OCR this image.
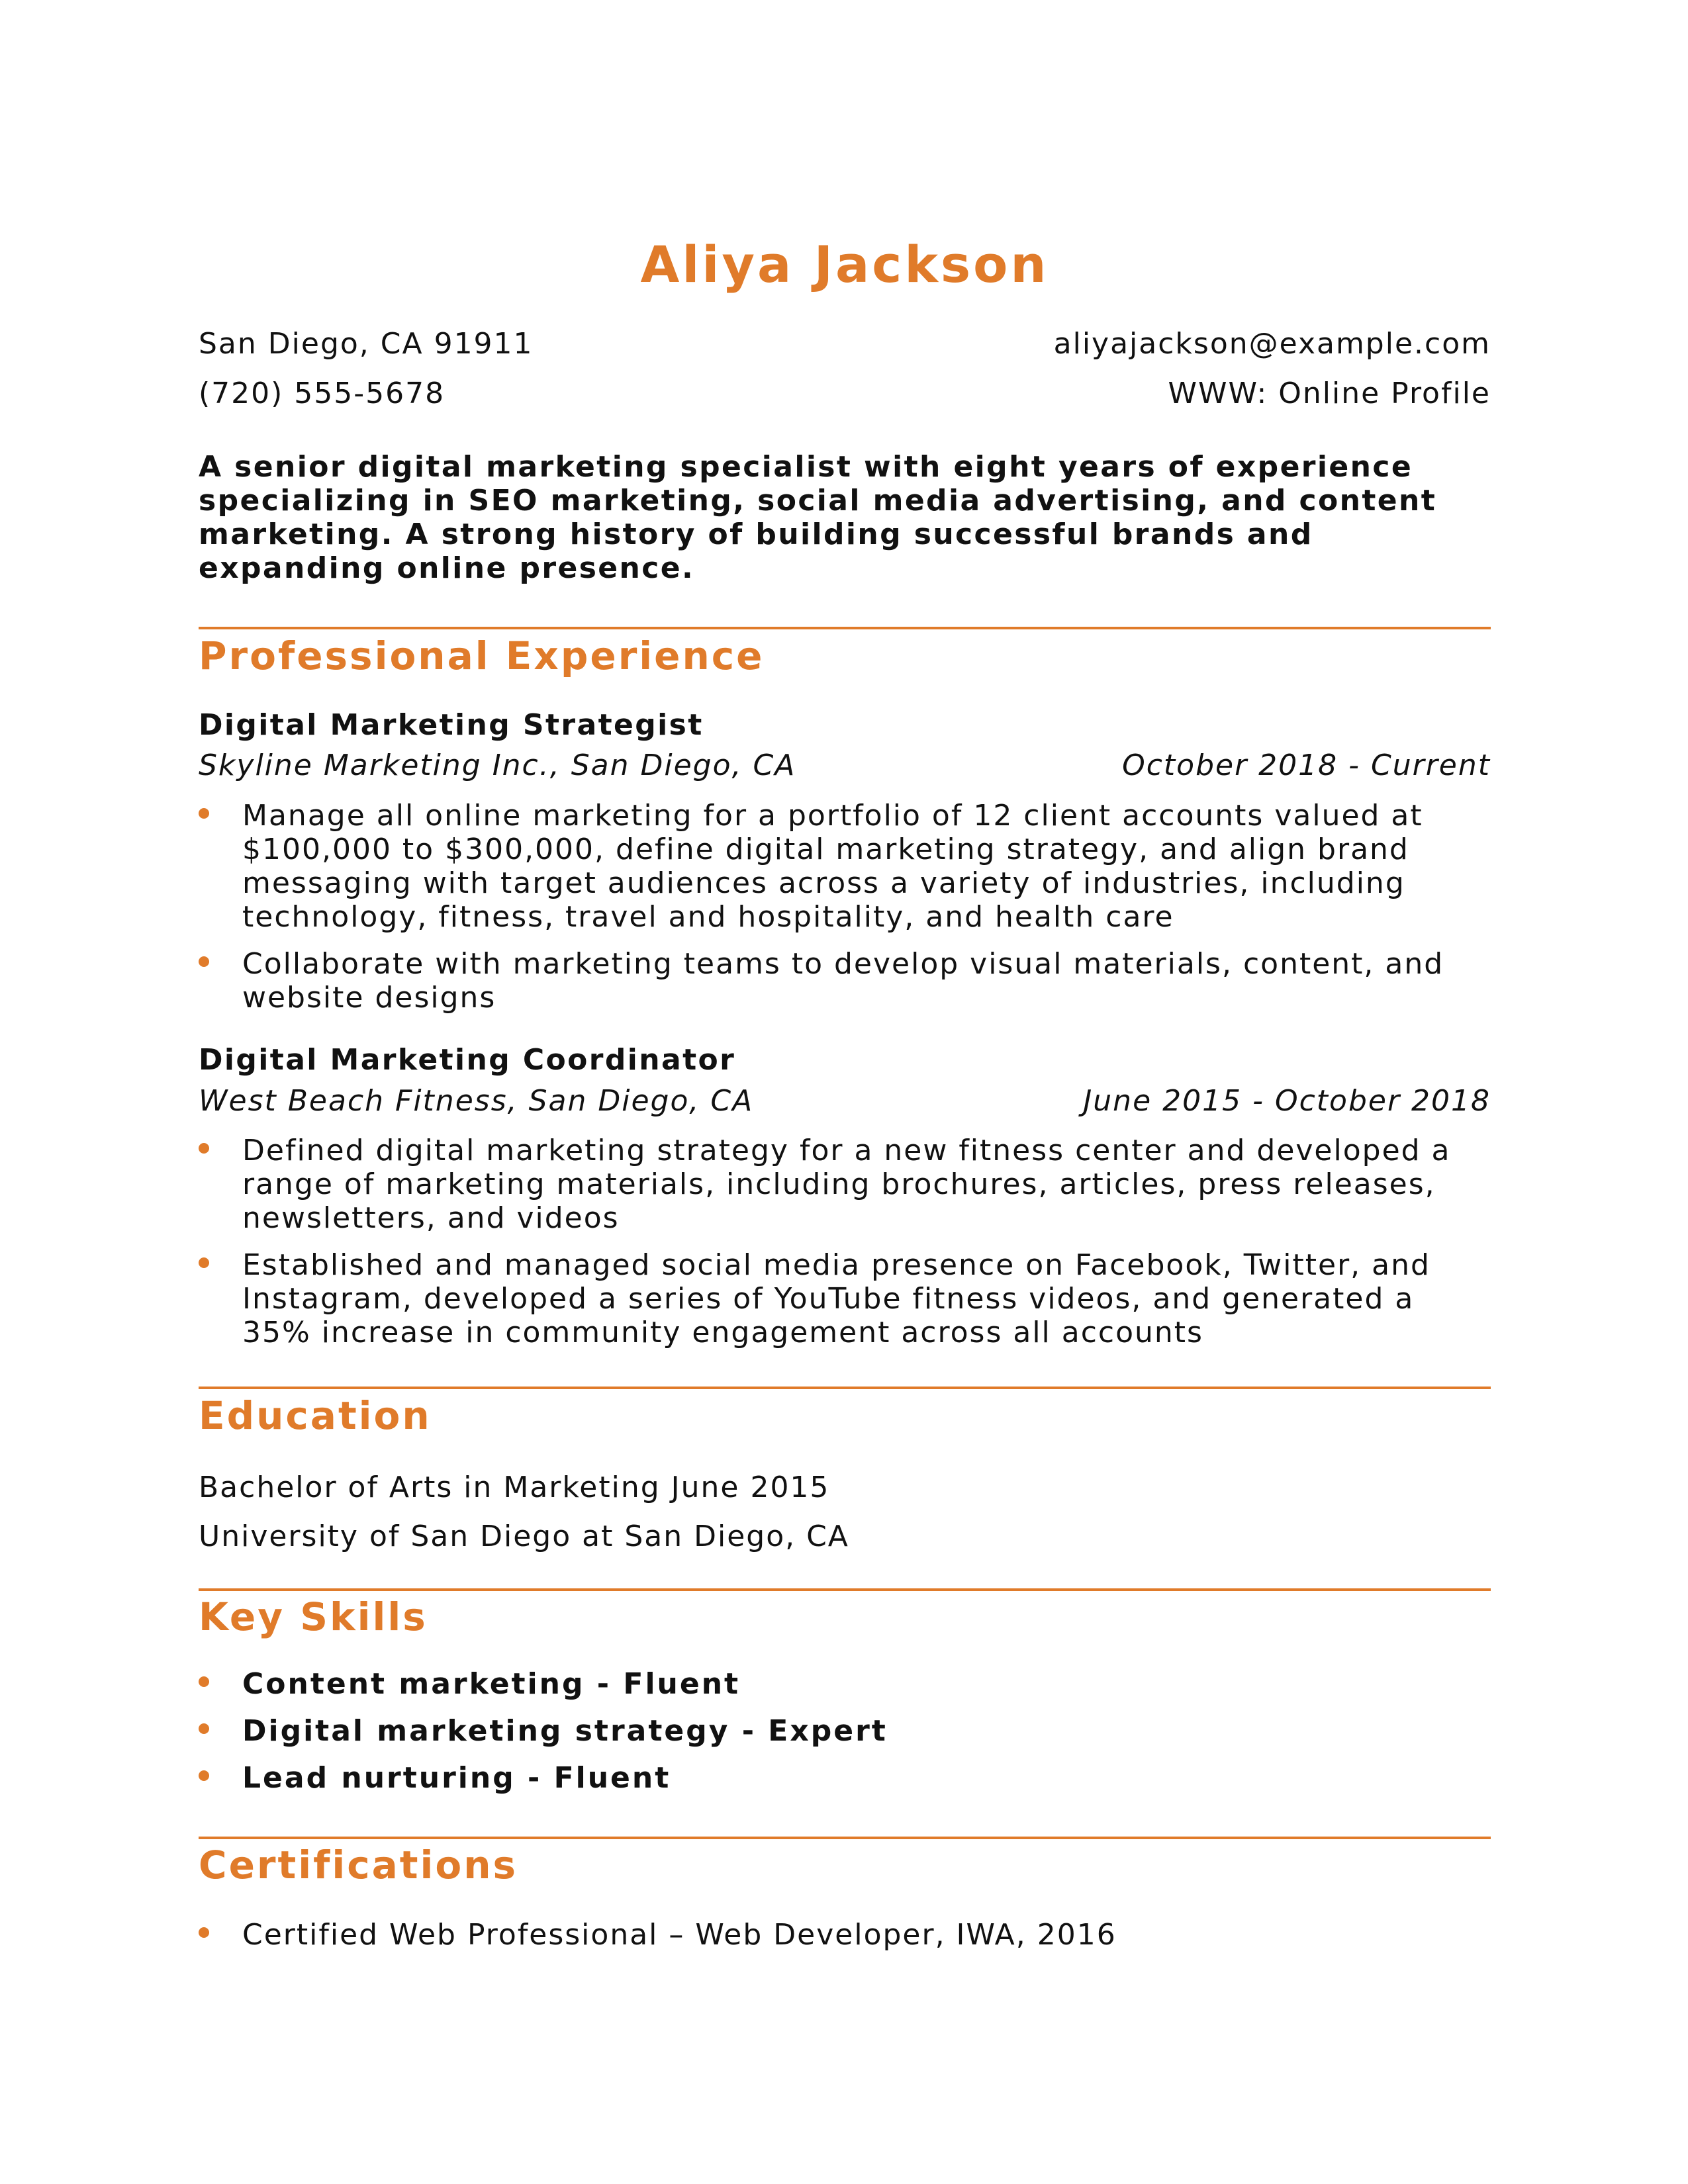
Aliya Jackson
San Diego, CA 91911	aliyajackson@example.com
(720) 555-5678	WWW: Online Profile
A senior digital marketing specialist with eight years of experience specializing in SEO marketing, social media advertising, and content marketing. A strong history of building successful brands and expanding online presence.
Professional Experience
Digital Marketing Strategist
Skyline Marketing Inc., San Diego, CA	October 2018 - Current
Manage all online marketing for a portfolio of 12 client accounts valued at $100,000 to $300,000, define digital marketing strategy, and align brand messaging with target audiences across a variety of industries, including technology, fitness, travel and hospitality, and health care
Collaborate with marketing teams to develop visual materials, content, and website designs
Digital Marketing Coordinator
West Beach Fitness, San Diego, CA	June 2015 - October 2018
Defined digital marketing strategy for a new fitness center and developed a range of marketing materials, including brochures, articles, press releases, newsletters, and videos
Established and managed social media presence on Facebook, Twitter, and Instagram, developed a series of YouTube fitness videos, and generated a 35% increase in community engagement across all accounts
Education
Bachelor of Arts in Marketing June 2015
University of San Diego at San Diego, CA
Key Skills
Content marketing - Fluent
Digital marketing strategy - Expert
Lead nurturing - Fluent
Certifications
Certified Web Professional – Web Developer, IWA, 2016
